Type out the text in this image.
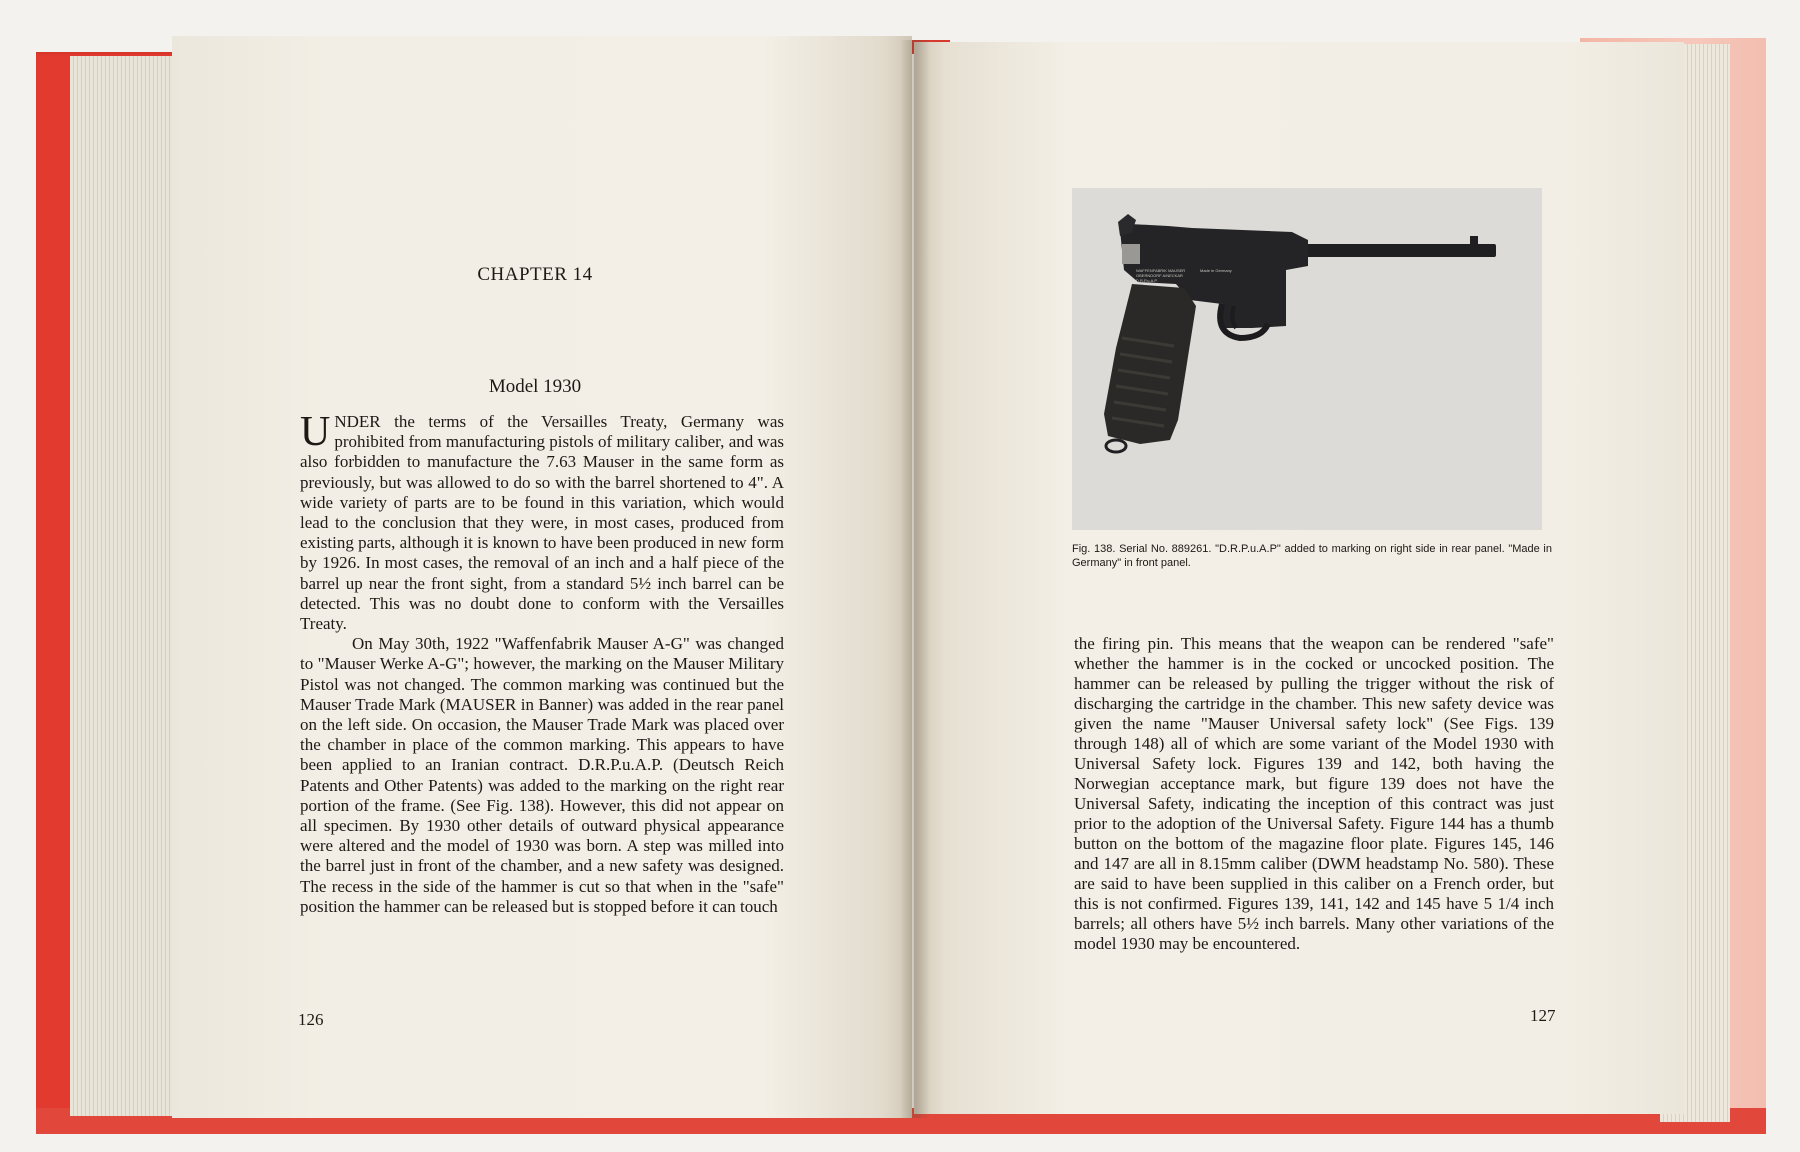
CHAPTER 14
Model 1930

UNDER the terms of the Versailles Treaty, Germany was prohibited from manufacturing pistols of military caliber, and was also forbidden to manufacture the 7.63 Mauser in the same form as previously, but was allowed to do so with the barrel shortened to 4". A wide variety of parts are to be found in this variation, which would lead to the conclusion that they were, in most cases, produced from existing parts, although it is known to have been produced in new form by 1926. In most cases, the removal of an inch and a half piece of the barrel up near the front sight, from a standard 5½ inch barrel can be detected. This was no doubt done to conform with the Versailles Treaty.

On May 30th, 1922 "Waffenfabrik Mauser A-G" was changed to "Mauser Werke A-G"; however, the marking on the Mauser Military Pistol was not changed. The common marking was continued but the Mauser Trade Mark (MAUSER in Banner) was added in the rear panel on the left side. On occasion, the Mauser Trade Mark was placed over the chamber in place of the common marking. This appears to have been applied to an Iranian contract. D.R.P.u.A.P. (Deutsch Reich Patents and Other Patents) was added to the marking on the right rear portion of the frame. (See Fig. 138). However, this did not appear on all specimen. By 1930 other details of outward physical appearance were altered and the model of 1930 was born. A step was milled into the barrel just in front of the chamber, and a new safety was designed. The recess in the side of the hammer is cut so that when in the "safe" position the hammer can be released but is stopped before it can touch

126
WAFFENFABRIK MAUSER OBERNDORF A/NECKAR D.R.P.u.A.P.
Made in Germany
Fig. 138. Serial No. 889261. "D.R.P.u.A.P" added to marking on right side in rear panel. "Made in Germany" in front panel.

the firing pin. This means that the weapon can be rendered "safe" whether the hammer is in the cocked or uncocked position. The hammer can be released by pulling the trigger without the risk of discharging the cartridge in the chamber. This new safety device was given the name "Mauser Universal safety lock" (See Figs. 139 through 148) all of which are some variant of the Model 1930 with Universal Safety lock. Figures 139 and 142, both having the Norwegian acceptance mark, but figure 139 does not have the Universal Safety, indicating the inception of this contract was just prior to the adoption of the Universal Safety. Figure 144 has a thumb button on the bottom of the magazine floor plate. Figures 145, 146 and 147 are all in 8.15mm caliber (DWM headstamp No. 580). These are said to have been supplied in this caliber on a French order, but this is not confirmed. Figures 139, 141, 142 and 145 have 5 1/4 inch barrels; all others have 5½ inch barrels. Many other variations of the model 1930 may be encountered.

127
